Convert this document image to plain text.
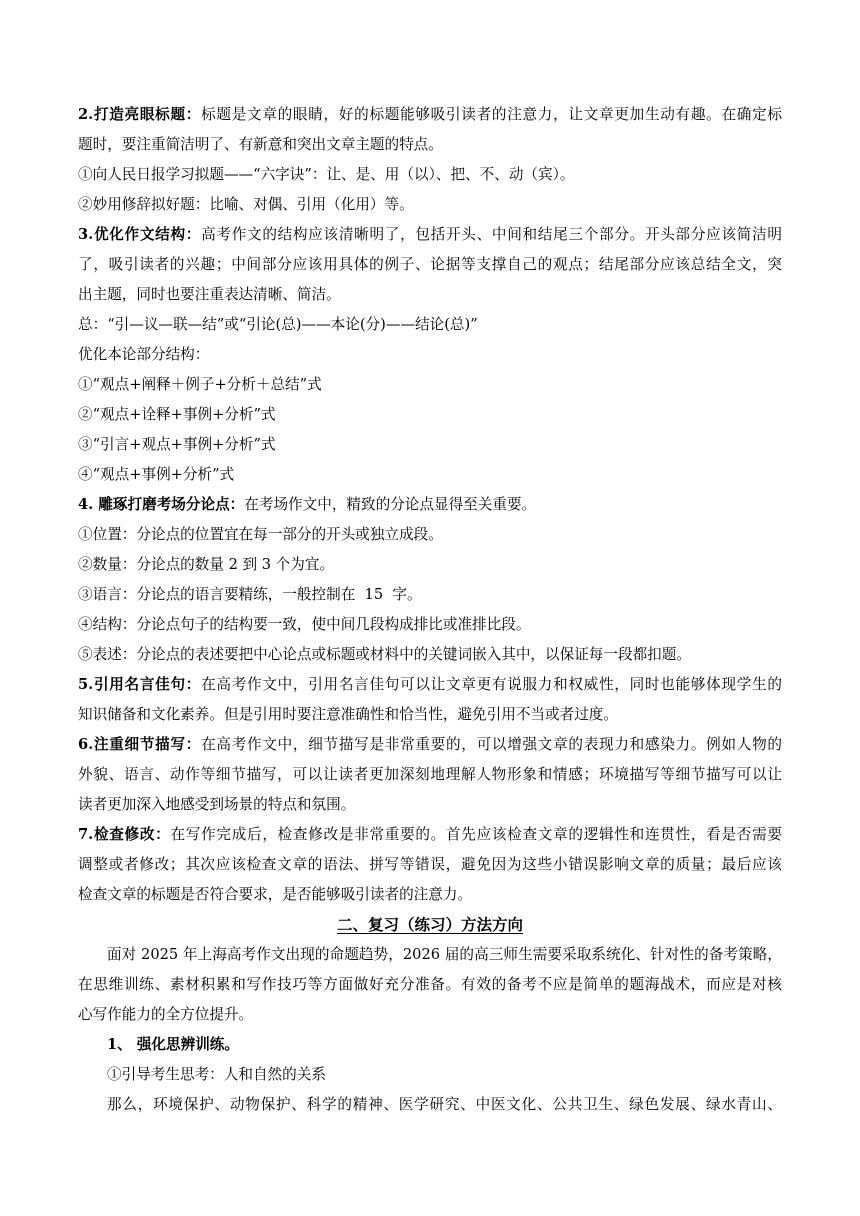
2.打造亮眼标题：标题是文章的眼睛，好的标题能够吸引读者的注意力，让文章更加生动有趣。在确定标
题时，要注重简洁明了、有新意和突出文章主题的特点。
①向人民日报学习拟题——“六字诀”：让、是、用（以）、把、不、动（宾）。
②妙用修辞拟好题：比喻、对偶、引用（化用）等。
3.优化作文结构：高考作文的结构应该清晰明了，包括开头、中间和结尾三个部分。开头部分应该简洁明
了，吸引读者的兴趣；中间部分应该用具体的例子、论据等支撑自己的观点；结尾部分应该总结全文，突
出主题，同时也要注重表达清晰、简洁。
总：“引—议—联—结”或“引论(总)——本论(分)——结论(总)”
优化本论部分结构：
①“观点+阐释＋例子+分析＋总结”式
②“观点+诠释+事例+分析”式
③“引言+观点+事例+分析”式
④“观点+事例+分析”式
4. 雕琢打磨考场分论点：在考场作文中，精致的分论点显得至关重要。
①位置：分论点的位置宜在每一部分的开头或独立成段。
②数量：分论点的数量 2 到 3 个为宜。
③语言：分论点的语言要精练，一般控制在  15  字。
④结构：分论点句子的结构要一致，使中间几段构成排比或准排比段。
⑤表述：分论点的表述要把中心论点或标题或材料中的关键词嵌入其中，以保证每一段都扣题。
5.引用名言佳句：在高考作文中，引用名言佳句可以让文章更有说服力和权威性，同时也能够体现学生的
知识储备和文化素养。但是引用时要注意准确性和恰当性，避免引用不当或者过度。
6.注重细节描写：在高考作文中，细节描写是非常重要的，可以增强文章的表现力和感染力。例如人物的
外貌、语言、动作等细节描写，可以让读者更加深刻地理解人物形象和情感；环境描写等细节描写可以让
读者更加深入地感受到场景的特点和氛围。
7.检查修改：在写作完成后，检查修改是非常重要的。首先应该检查文章的逻辑性和连贯性，看是否需要
调整或者修改；其次应该检查文章的语法、拼写等错误，避免因为这些小错误影响文章的质量；最后应该
检查文章的标题是否符合要求，是否能够吸引读者的注意力。
二、复习（练习）方法方向
面对 2025 年上海高考作文出现的命题趋势，2026 届的高三师生需要采取系统化、针对性的备考策略，
在思维训练、素材积累和写作技巧等方面做好充分准备。有效的备考不应是简单的题海战术，而应是对核
心写作能力的全方位提升。
1、 强化思辨训练。
①引导考生思考：人和自然的关系
那么，环境保护、动物保护、科学的精神、医学研究、中医文化、公共卫生、绿色发展、绿水青山、
